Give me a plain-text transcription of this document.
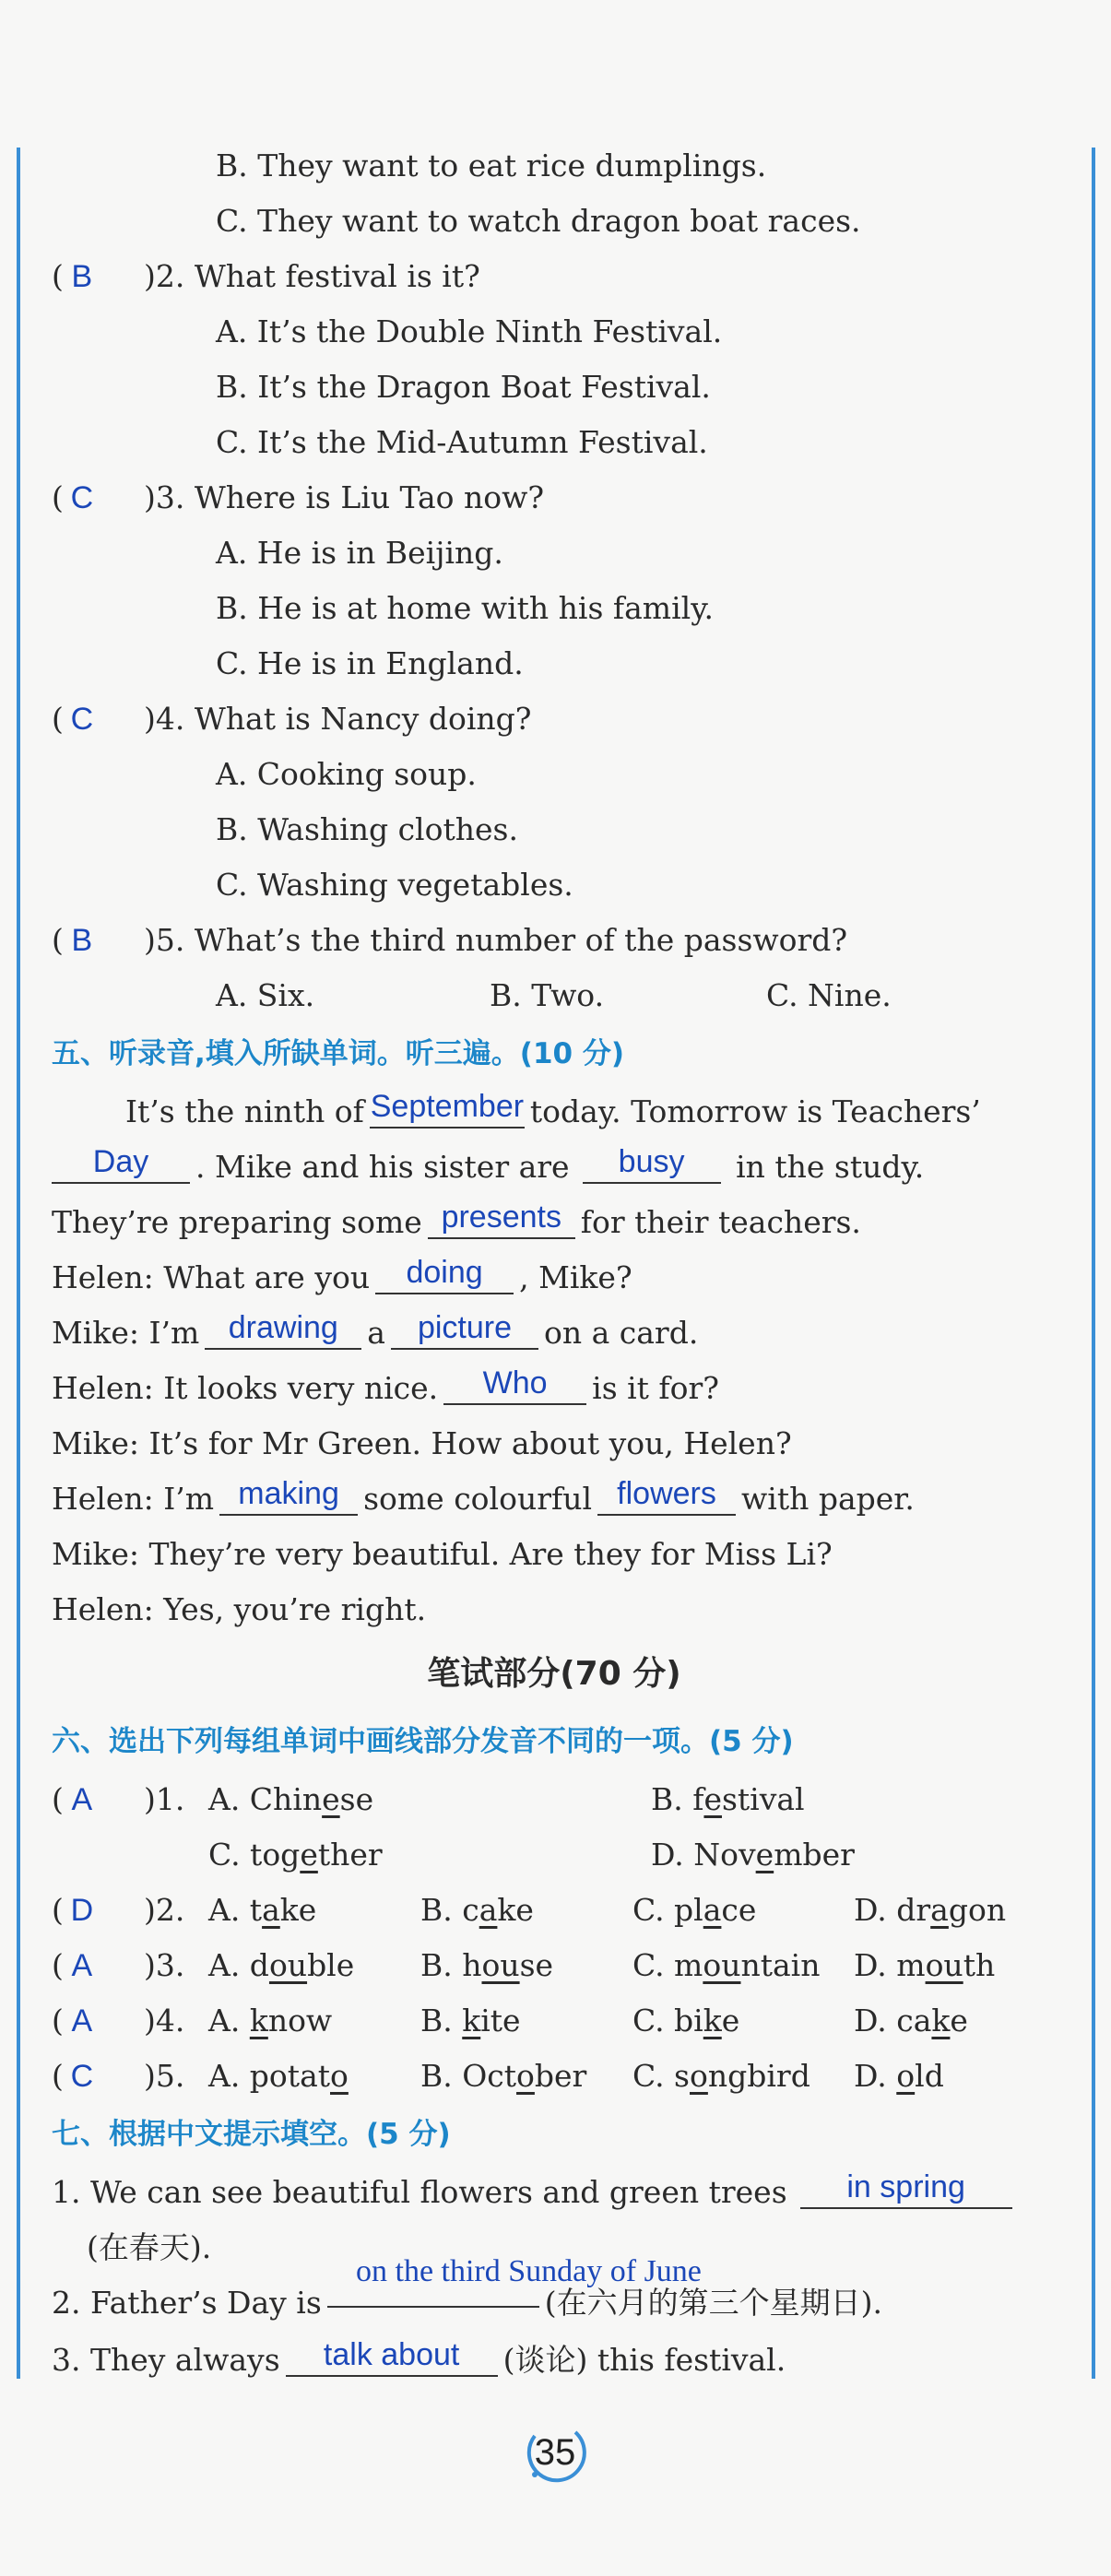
B. They want to eat rice dumplings.
C. They want to watch dragon boat races.
( B )2. What festival is it?
A. It’s the Double Ninth Festival.
B. It’s the Dragon Boat Festival.
C. It’s the Mid-Autumn Festival.
( C )3. Where is Liu Tao now?
A. He is in Beijing.
B. He is at home with his family.
C. He is in England.
( C )4. What is Nancy doing?
A. Cooking soup.
B. Washing clothes.
C. Washing vegetables.
( B )5. What’s the third number of the password?
A. Six.	B. Two.	C. Nine.
五、听录音,填入所缺单词。听三遍。(10 分)
It’s the ninth of September today. Tomorrow is Teachers’
Day . Mike and his sister are busy in the study.
They’re preparing some presents for their teachers.
Helen: What are you doing , Mike?
Mike: I’m drawing a picture on a card.
Helen: It looks very nice. Who is it for?
Mike: It’s for Mr Green. How about you, Helen?
Helen: I’m making some colourful flowers with paper.
Mike: They’re very beautiful. Are they for Miss Li?
Helen: Yes, you’re right.
笔试部分(70 分)
六、选出下列每组单词中画线部分发音不同的一项。(5 分)
( A )1. A. Chinese	B. festival
C. together	D. November
( D )2. A. take	B. cake	C. place	D. dragon
( A )3. A. double B. house	C. mountain D. mouth
( A )4. A. know	B. kite	C. bike	D. cake
( C )5. A. potato B. October C. songbird D. old
七、根据中文提示填空。(5 分)
1. We can see beautiful flowers and green trees in spring
(在春天).
on the third Sunday of June
2. Father’s Day is	(在六月的第三个星期日).
3. They always talk about (谈论) this festival.
35
